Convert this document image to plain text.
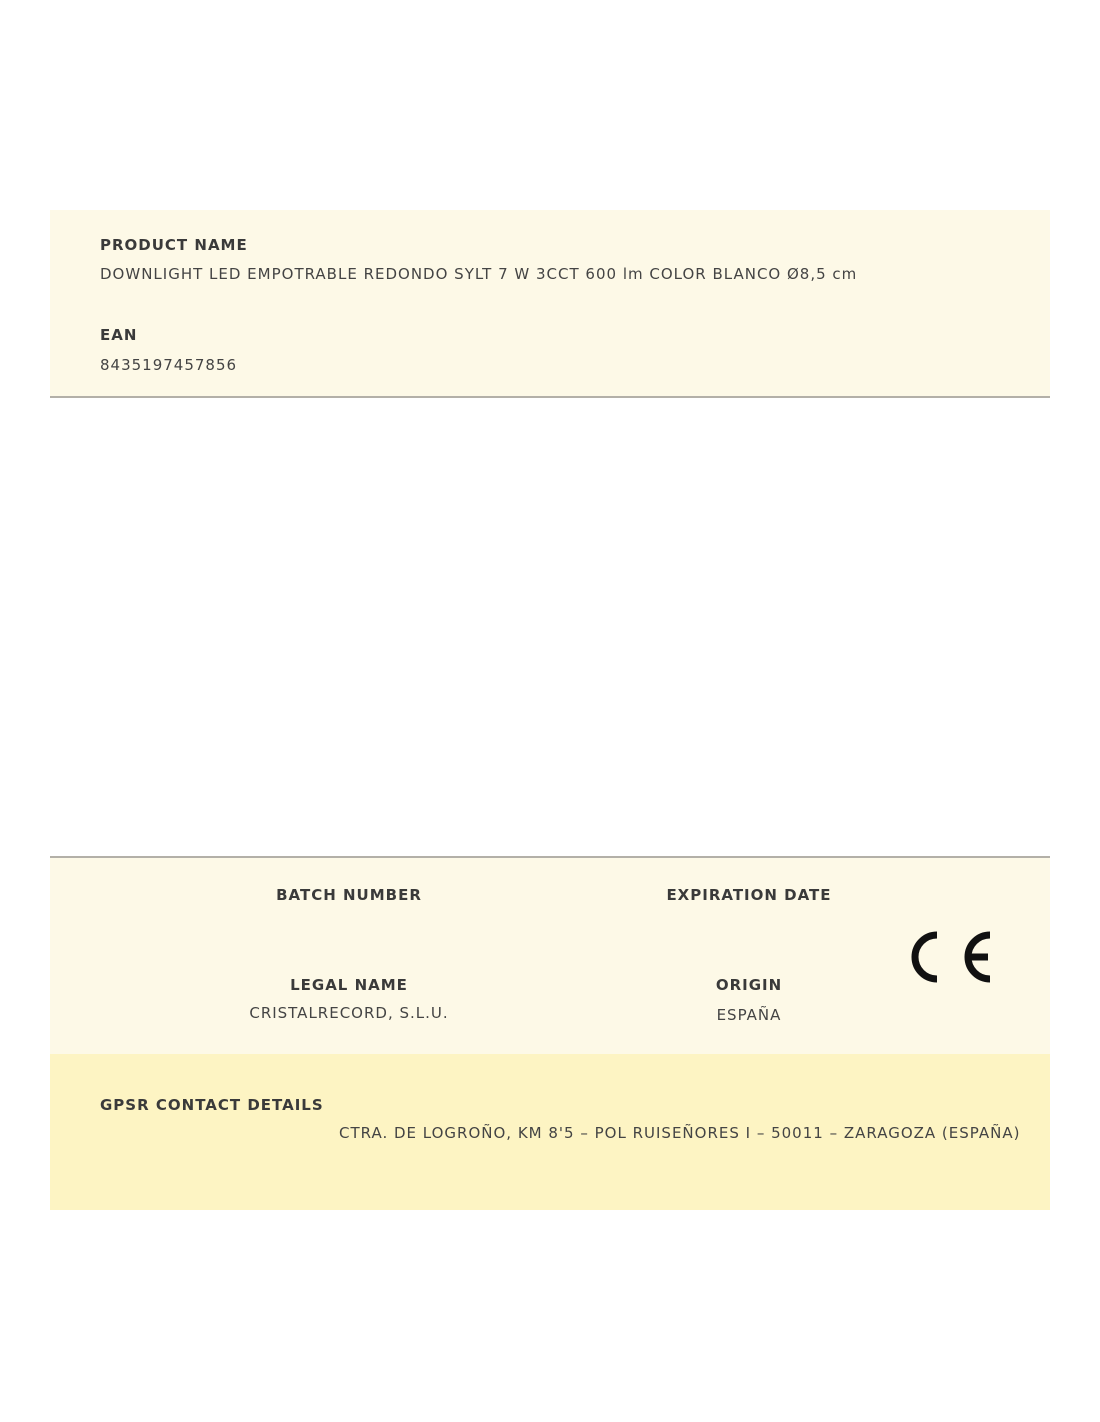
PRODUCT NAME
DOWNLIGHT LED EMPOTRABLE REDONDO SYLT 7 W 3CCT 600 lm COLOR BLANCO Ø8,5 cm
EAN
8435197457856
BATCH NUMBER	EXPIRATION DATE
LEGAL NAME
CRISTALRECORD, S.L.U.
ORIGIN
ESPAÑA
GPSR CONTACT DETAILS
CTRA. DE LOGROÑO, KM 8'5 – POL RUISEÑORES I – 50011 – ZARAGOZA (ESPAÑA)
